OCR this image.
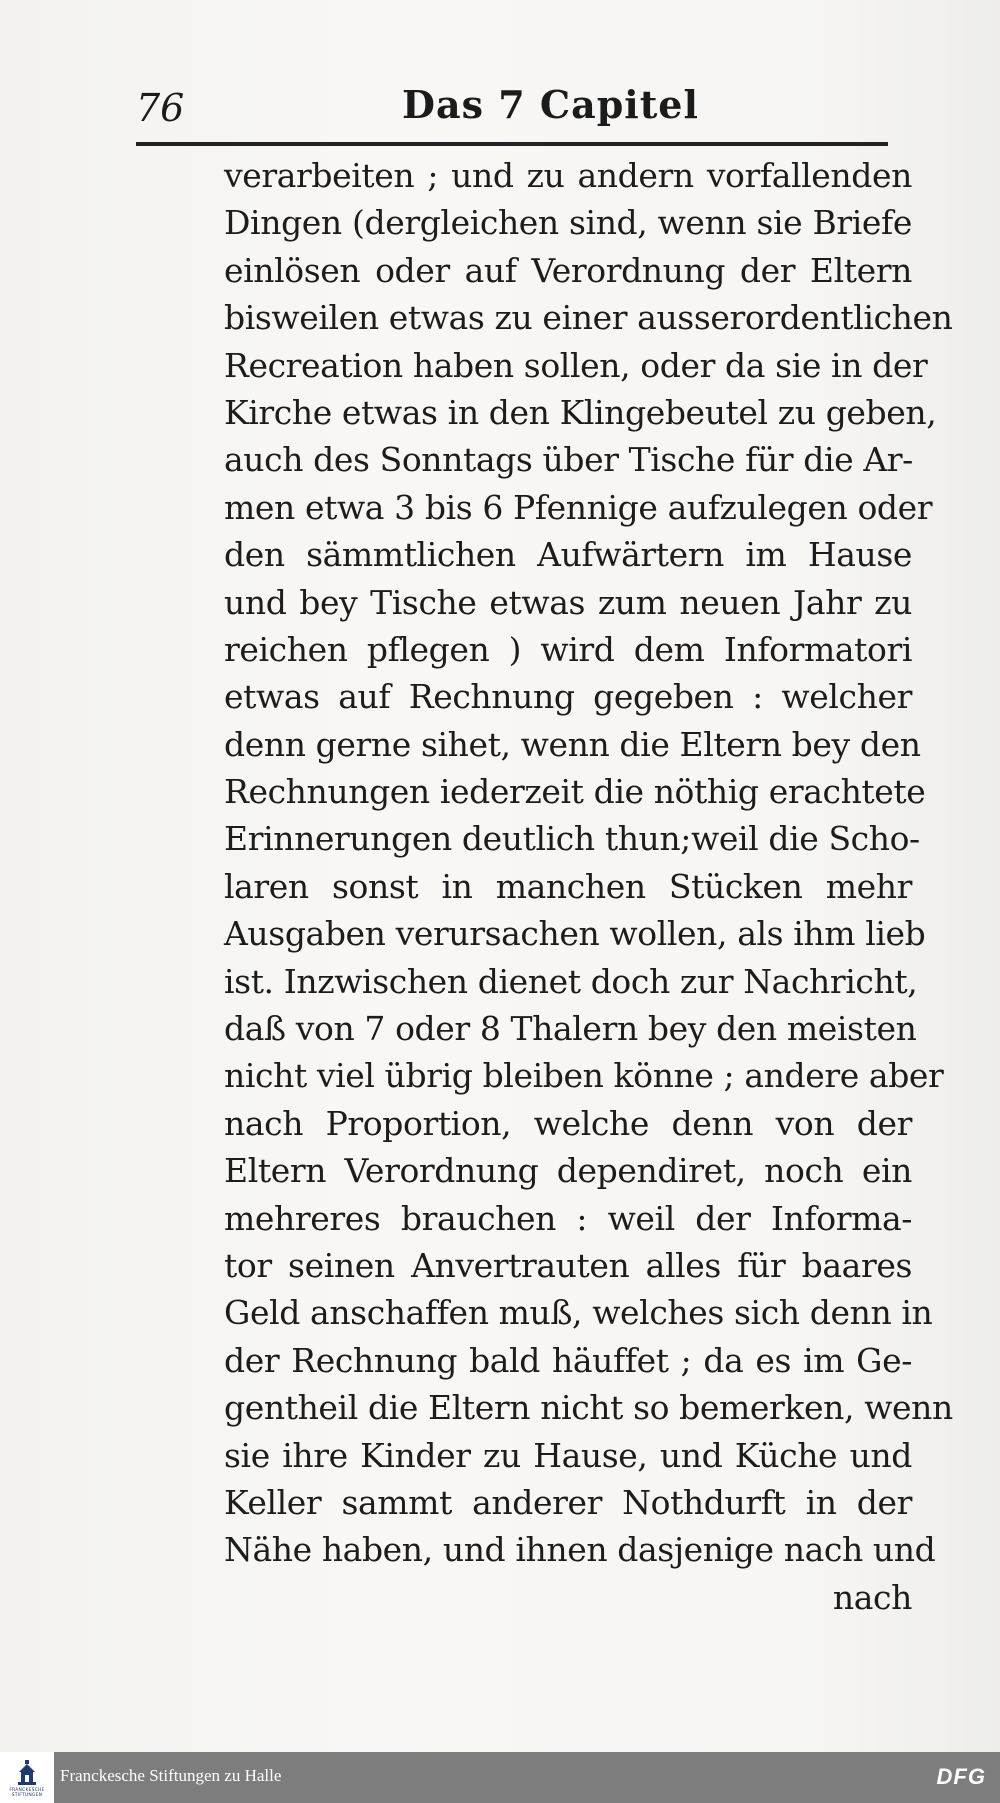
76	Das 7 Capitel
verarbeiten ; und zu andern vorfallenden
Dingen (dergleichen sind, wenn sie Briefe
einlösen oder auf Verordnung der Eltern
bisweilen etwas zu einer ausserordentlichen
Recreation haben sollen, oder da sie in der
Kirche etwas in den Klingebeutel zu geben,
auch des Sonntags über Tische für die Ar-
men etwa 3 bis 6 Pfennige aufzulegen oder
den sämmtlichen Aufwärtern im Hause
und bey Tische etwas zum neuen Jahr zu
reichen pflegen ) wird dem Informatori
etwas auf Rechnung gegeben : welcher
denn gerne sihet, wenn die Eltern bey den
Rechnungen iederzeit die nöthig erachtete
Erinnerungen deutlich thun;weil die Scho-
laren sonst in manchen Stücken mehr
Ausgaben verursachen wollen, als ihm lieb
ist. Inzwischen dienet doch zur Nachricht,
daß von 7 oder 8 Thalern bey den meisten
nicht viel übrig bleiben könne ; andere aber
nach Proportion, welche denn von der
Eltern Verordnung dependiret, noch ein
mehreres brauchen : weil der Informa-
tor seinen Anvertrauten alles für baares
Geld anschaffen muß, welches sich denn in
der Rechnung bald häuffet ; da es im Ge-
gentheil die Eltern nicht so bemerken, wenn
sie ihre Kinder zu Hause, und Küche und
Keller sammt anderer Nothdurft in der
Nähe haben, und ihnen dasjenige nach und
nach
FRANCKESCHE
STIFTUNGEN
Franckesche Stiftungen zu Halle	DFG
